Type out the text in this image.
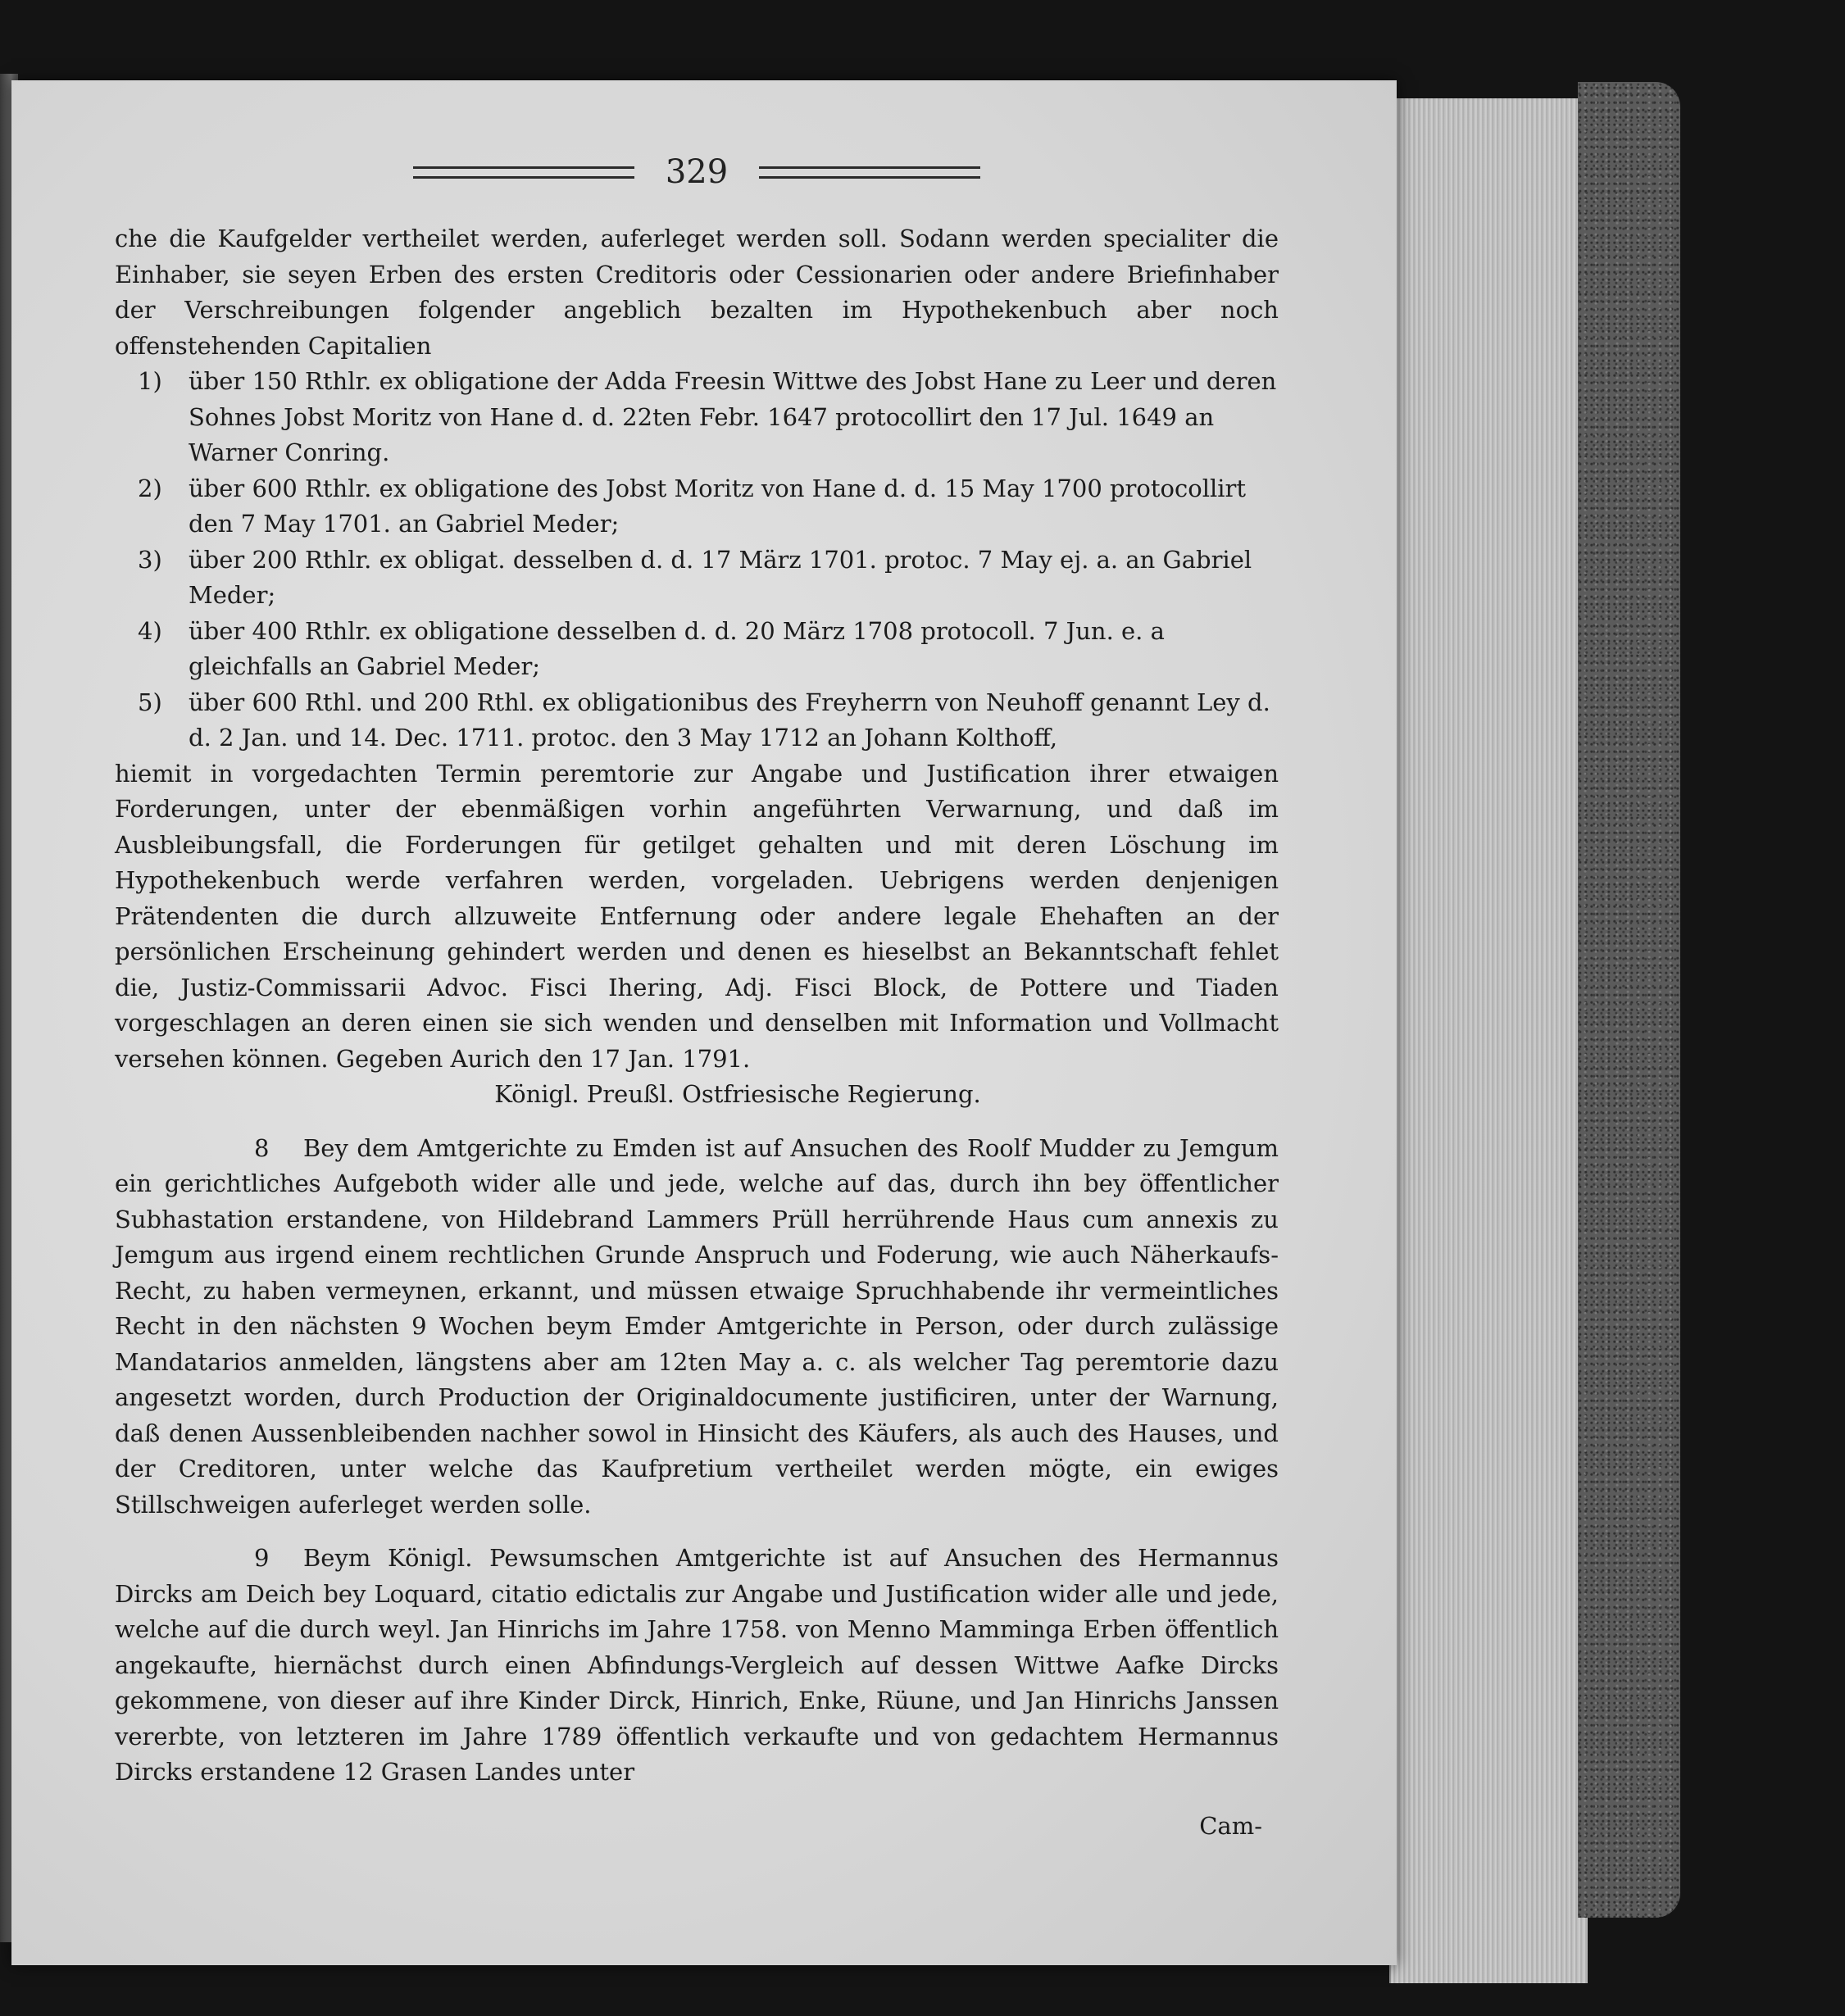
329

che die Kaufgelder vertheilet werden, auferleget werden soll. Sodann werden specialiter die Einhaber, sie seyen Erben des ersten Creditoris oder Cessionarien oder andere Briefinhaber der Verschreibungen folgender angeblich bezalten im Hypothekenbuch aber noch offenstehenden Capitalien

1) über 150 Rthlr. ex obligatione der Adda Freesin Wittwe des Jobst Hane zu Leer und deren Sohnes Jobst Moritz von Hane d. d. 22ten Febr. 1647 protocollirt den 17 Jul. 1649 an Warner Conring.

2) über 600 Rthlr. ex obligatione des Jobst Moritz von Hane d. d. 15 May 1700 protocollirt den 7 May 1701. an Gabriel Meder;

3) über 200 Rthlr. ex obligat. desselben d. d. 17 März 1701. protoc. 7 May ej. a. an Gabriel Meder;

4) über 400 Rthlr. ex obligatione desselben d. d. 20 März 1708 protocoll. 7 Jun. e. a gleichfalls an Gabriel Meder;

5) über 600 Rthl. und 200 Rthl. ex obligationibus des Freyherrn von Neuhoff genannt Ley d. d. 2 Jan. und 14. Dec. 1711. protoc. den 3 May 1712 an Johann Kolthoff,

hiemit in vorgedachten Termin peremtorie zur Angabe und Justification ihrer etwaigen Forderungen, unter der ebenmäßigen vorhin angeführten Verwarnung, und daß im Ausbleibungsfall, die Forderungen für getilget gehalten und mit deren Löschung im Hypothekenbuch werde verfahren werden, vorgeladen. Uebrigens werden denjenigen Prätendenten die durch allzuweite Entfernung oder andere legale Ehehaften an der persönlichen Erscheinung gehindert werden und denen es hieselbst an Bekanntschaft fehlet die, Justiz-Commissarii Advoc. Fisci Ihering, Adj. Fisci Block, de Pottere und Tiaden vorgeschlagen an deren einen sie sich wenden und denselben mit Information und Vollmacht versehen können. Gegeben Aurich den 17 Jan. 1791.

Königl. Preußl. Ostfriesische Regierung.

8 Bey dem Amtgerichte zu Emden ist auf Ansuchen des Roolf Mudder zu Jemgum ein gerichtliches Aufgeboth wider alle und jede, welche auf das, durch ihn bey öffentlicher Subhastation erstandene, von Hildebrand Lammers Prüll herrührende Haus cum annexis zu Jemgum aus irgend einem rechtlichen Grunde Anspruch und Foderung, wie auch Näherkaufs-Recht, zu haben vermeynen, erkannt, und müssen etwaige Spruchhabende ihr vermeintliches Recht in den nächsten 9 Wochen beym Emder Amtgerichte in Person, oder durch zulässige Mandatarios anmelden, längstens aber am 12ten May a. c. als welcher Tag peremtorie dazu angesetzt worden, durch Production der Originaldocumente justificiren, unter der Warnung, daß denen Aussenbleibenden nachher sowol in Hinsicht des Käufers, als auch des Hauses, und der Creditoren, unter welche das Kaufpretium vertheilet werden mögte, ein ewiges Stillschweigen auferleget werden solle.

9 Beym Königl. Pewsumschen Amtgerichte ist auf Ansuchen des Hermannus Dircks am Deich bey Loquard, citatio edictalis zur Angabe und Justification wider alle und jede, welche auf die durch weyl. Jan Hinrichs im Jahre 1758. von Menno Mamminga Erben öffentlich angekaufte, hiernächst durch einen Abfindungs-Vergleich auf dessen Wittwe Aafke Dircks gekommene, von dieser auf ihre Kinder Dirck, Hinrich, Enke, Rüune, und Jan Hinrichs Janssen vererbte, von letzteren im Jahre 1789 öffentlich verkaufte und von gedachtem Hermannus Dircks erstandene 12 Grasen Landes unter

Cam-
